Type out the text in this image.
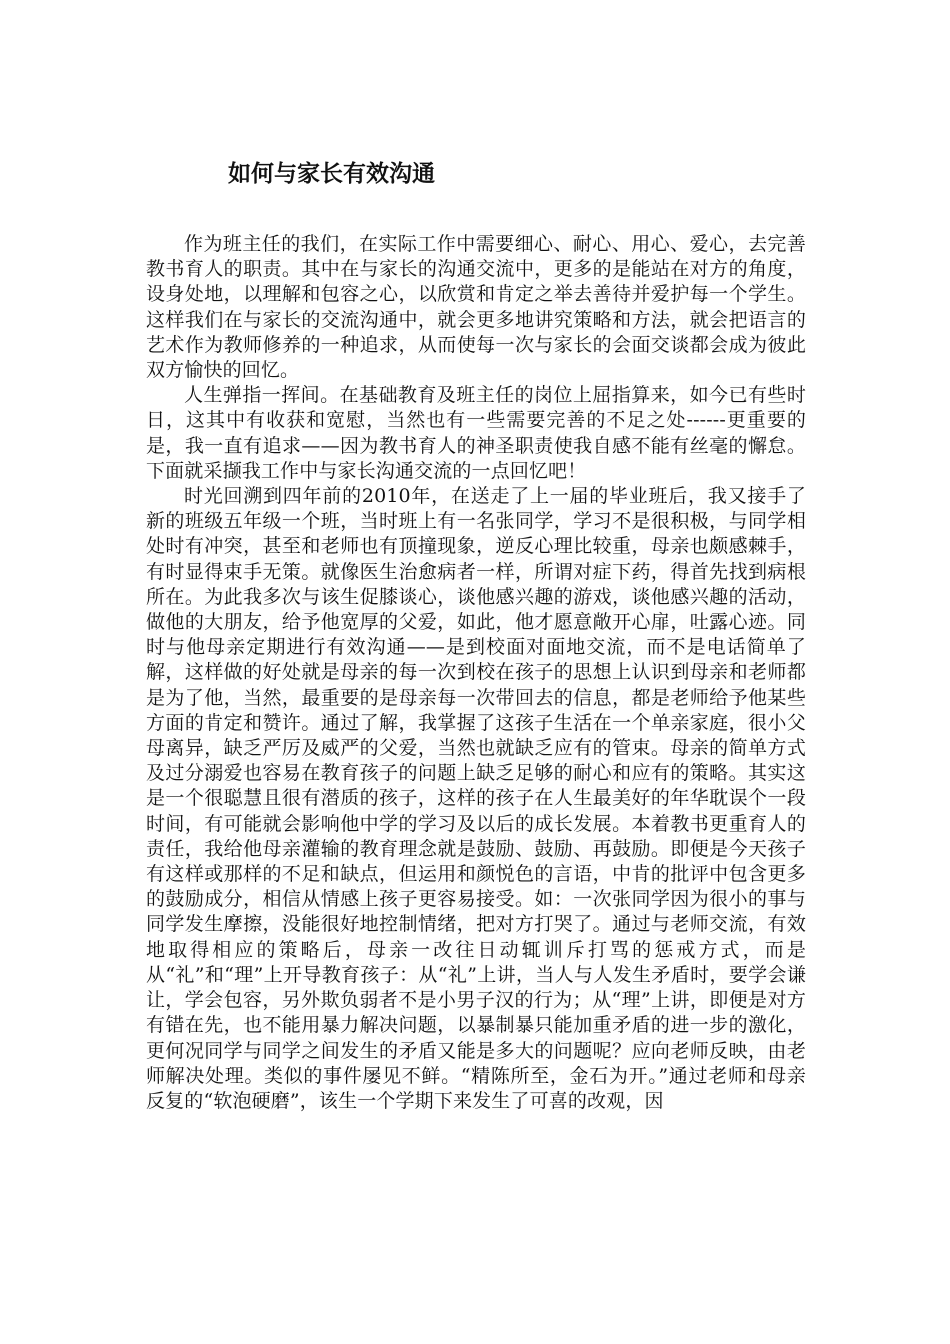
如何与家长有效沟通

作为班主任的我们，在实际工作中需要细心、耐心、用心、爱心，去完善教书育人的职责。其中在与家长的沟通交流中，更多的是能站在对方的角度，设身处地，以理解和包容之心，以欣赏和肯定之举去善待并爱护每一个学生。这样我们在与家长的交流沟通中，就会更多地讲究策略和方法，就会把语言的艺术作为教师修养的一种追求，从而使每一次与家长的会面交谈都会成为彼此双方愉快的回忆。

人生弹指一挥间。在基础教育及班主任的岗位上屈指算来，如今已有些时日，这其中有收获和宽慰，当然也有一些需要完善的不足之处------更重要的是，我一直有追求——因为教书育人的神圣职责使我自感不能有丝毫的懈怠。下面就采撷我工作中与家长沟通交流的一点回忆吧！

时光回溯到四年前的2010年，在送走了上一届的毕业班后，我又接手了新的班级五年级一个班，当时班上有一名张同学，学习不是很积极，与同学相处时有冲突，甚至和老师也有顶撞现象，逆反心理比较重，母亲也颇感棘手，有时显得束手无策。就像医生治愈病者一样，所谓对症下药，得首先找到病根所在。为此我多次与该生促膝谈心，谈他感兴趣的游戏，谈他感兴趣的活动，做他的大朋友，给予他宽厚的父爱，如此，他才愿意敞开心扉，吐露心迹。同时与他母亲定期进行有效沟通——是到校面对面地交流，而不是电话简单了解，这样做的好处就是母亲的每一次到校在孩子的思想上认识到母亲和老师都是为了他，当然，最重要的是母亲每一次带回去的信息，都是老师给予他某些方面的肯定和赞许。通过了解，我掌握了这孩子生活在一个单亲家庭，很小父母离异，缺乏严厉及威严的父爱，当然也就缺乏应有的管束。母亲的简单方式及过分溺爱也容易在教育孩子的问题上缺乏足够的耐心和应有的策略。其实这是一个很聪慧且很有潜质的孩子，这样的孩子在人生最美好的年华耽误个一段时间，有可能就会影响他中学的学习及以后的成长发展。本着教书更重育人的责任，我给他母亲灌输的教育理念就是鼓励、鼓励、再鼓励。即便是今天孩子有这样或那样的不足和缺点，但运用和颜悦色的言语，中肯的批评中包含更多的鼓励成分，相信从情感上孩子更容易接受。如：一次张同学因为很小的事与同学发生摩擦，没能很好地控制情绪，把对方打哭了。通过与老师交流，有效地取得相应的策略后，母亲一改往日动辄训斥打骂的惩戒方式，而是从“礼”和“理”上开导教育孩子：从“礼”上讲，当人与人发生矛盾时，要学会谦让，学会包容，另外欺负弱者不是小男子汉的行为；从“理”上讲，即便是对方有错在先，也不能用暴力解决问题，以暴制暴只能加重矛盾的进一步的激化，更何况同学与同学之间发生的矛盾又能是多大的问题呢？应向老师反映，由老师解决处理。类似的事件屡见不鲜。“精陈所至，金石为开。”通过老师和母亲反复的“软泡硬磨”，该生一个学期下来发生了可喜的改观，因
